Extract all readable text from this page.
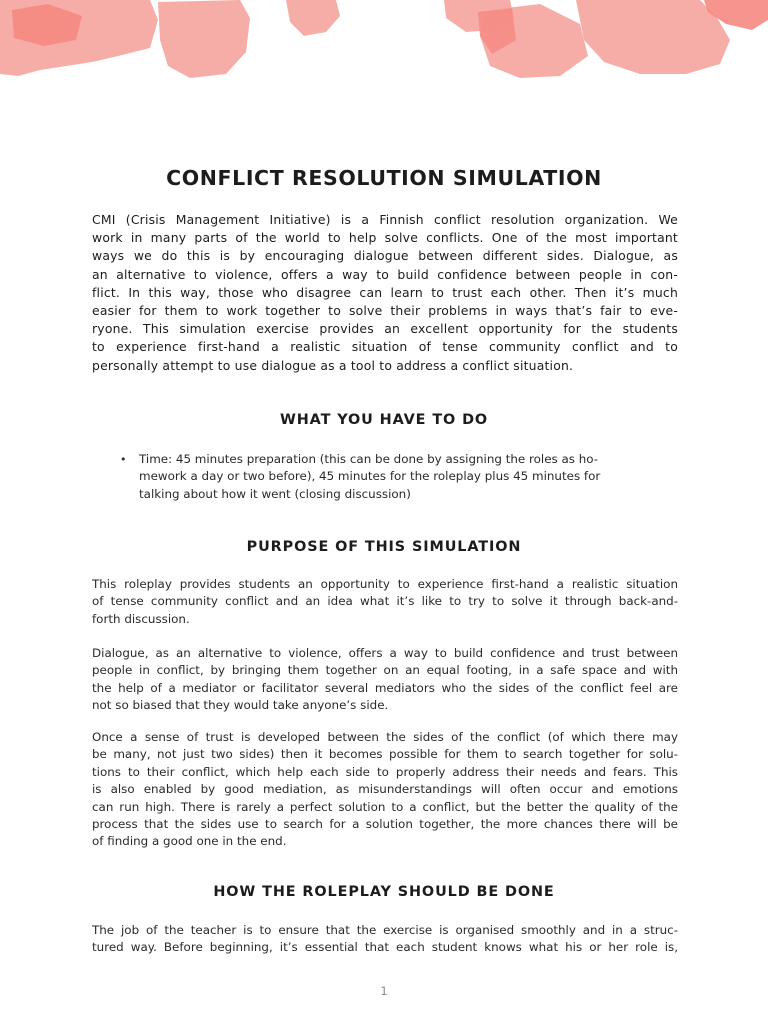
CONFLICT RESOLUTION SIMULATION
CMI (Crisis Management Initiative) is a Finnish conflict resolution organization. We
work in many parts of the world to help solve conflicts. One of the most important
ways we do this is by encouraging dialogue between different sides. Dialogue, as
an alternative to violence, offers a way to build confidence between people in con-
flict. In this way, those who disagree can learn to trust each other. Then it’s much
easier for them to work together to solve their problems in ways that’s fair to eve-
ryone. This simulation exercise provides an excellent opportunity for the students
to experience first-hand a realistic situation of tense community conflict and to
personally attempt to use dialogue as a tool to address a conflict situation.
WHAT YOU HAVE TO DO
• Time: 45 minutes preparation (this can be done by assigning the roles as ho-
mework a day or two before), 45 minutes for the roleplay plus 45 minutes for
talking about how it went (closing discussion)
PURPOSE OF THIS SIMULATION
This roleplay provides students an opportunity to experience first-hand a realistic situation
of tense community conflict and an idea what it’s like to try to solve it through back-and-
forth discussion.
Dialogue, as an alternative to violence, offers a way to build confidence and trust between
people in conflict, by bringing them together on an equal footing, in a safe space and with
the help of a mediator or facilitator several mediators who the sides of the conflict feel are
not so biased that they would take anyone’s side.
Once a sense of trust is developed between the sides of the conflict (of which there may
be many, not just two sides) then it becomes possible for them to search together for solu-
tions to their conflict, which help each side to properly address their needs and fears. This
is also enabled by good mediation, as misunderstandings will often occur and emotions
can run high. There is rarely a perfect solution to a conflict, but the better the quality of the
process that the sides use to search for a solution together, the more chances there will be
of finding a good one in the end.
HOW THE ROLEPLAY SHOULD BE DONE
The job of the teacher is to ensure that the exercise is organised smoothly and in a struc-
tured way. Before beginning, it’s essential that each student knows what his or her role is,
1
